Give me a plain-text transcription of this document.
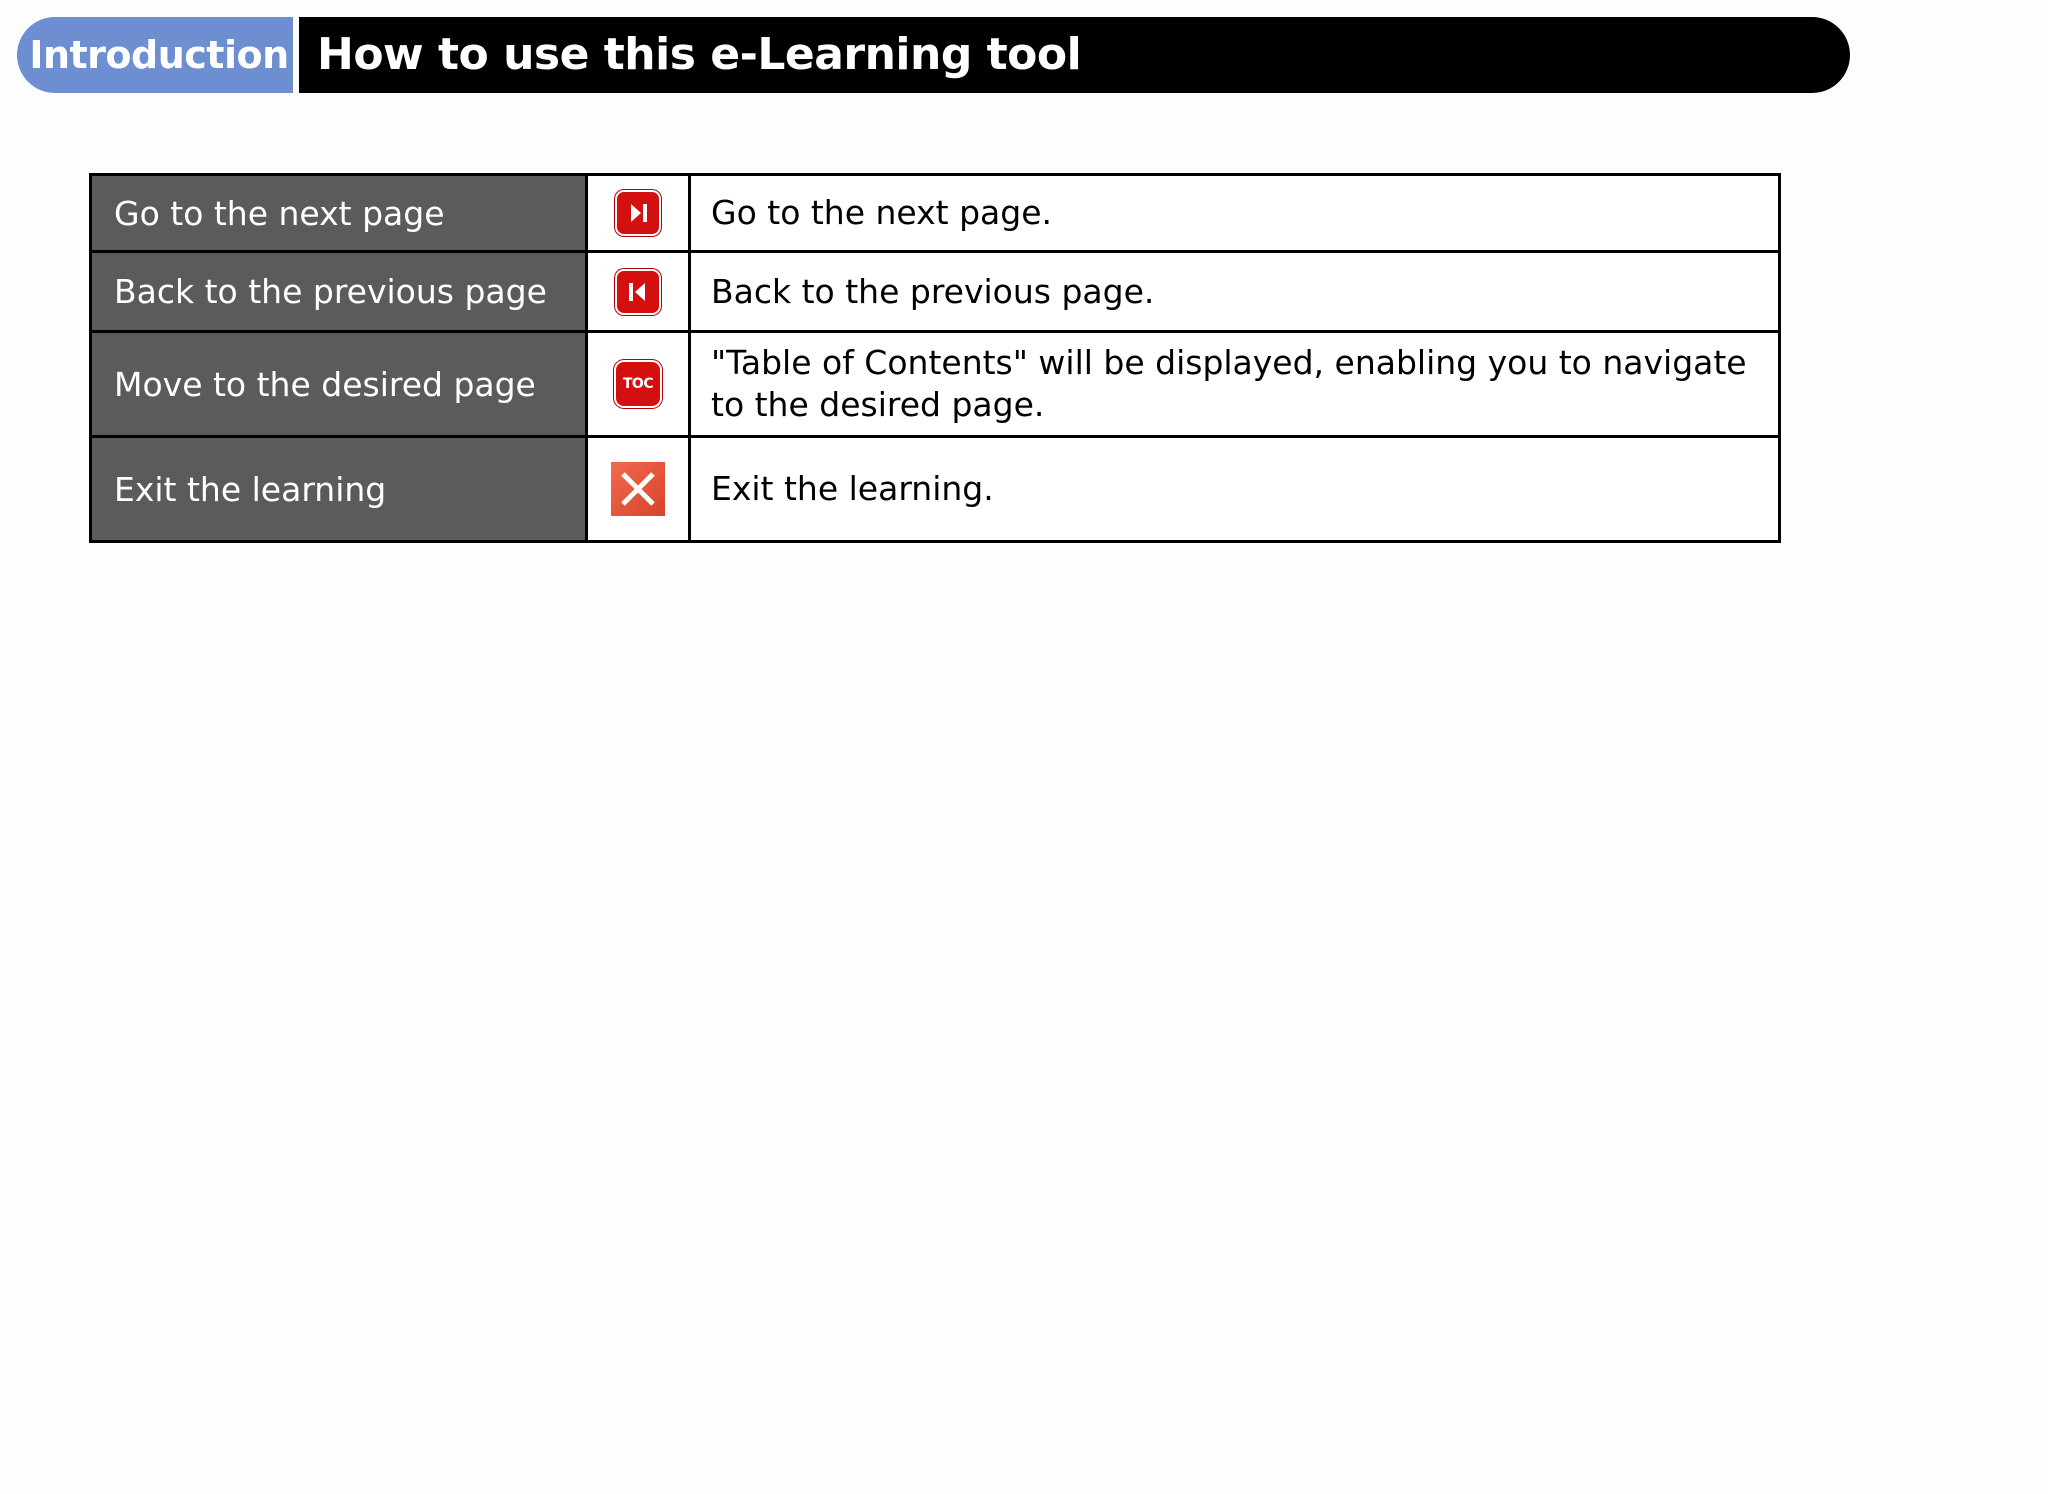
Introduction How to use this e-Learning tool
Go to the next page		Go to the next page.
Back to the previous page		Back to the previous page.
Move to the desired page	TOC	"Table of Contents" will be displayed, enabling you to navigate to the desired page.
Exit the learning		Exit the learning.
